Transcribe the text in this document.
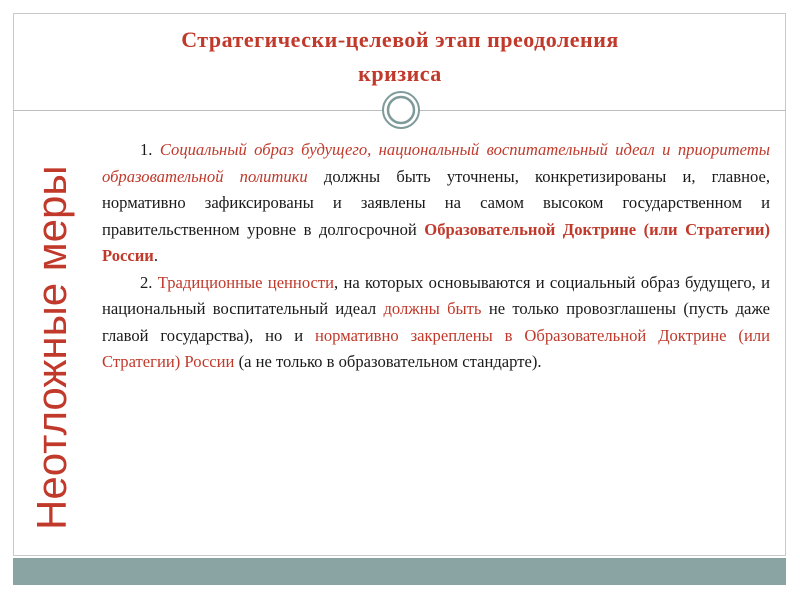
Стратегически-целевой этап преодоления
кризиса
Неотложные меры

1. Социальный образ будущего, национальный воспитательный идеал и приоритеты образовательной политики должны быть уточнены, конкретизированы и, главное, нормативно зафиксированы и заявлены на самом высоком государственном и правительственном уровне в долгосрочной Образовательной Доктрине (или Стратегии) России.

2. Традиционные ценности, на которых основываются и социальный образ будущего, и национальный воспитательный идеал должны быть не только провозглашены (пусть даже главой государства), но и нормативно закреплены в Образовательной Доктрине (или Стратегии) России (а не только в образовательном стандарте).
